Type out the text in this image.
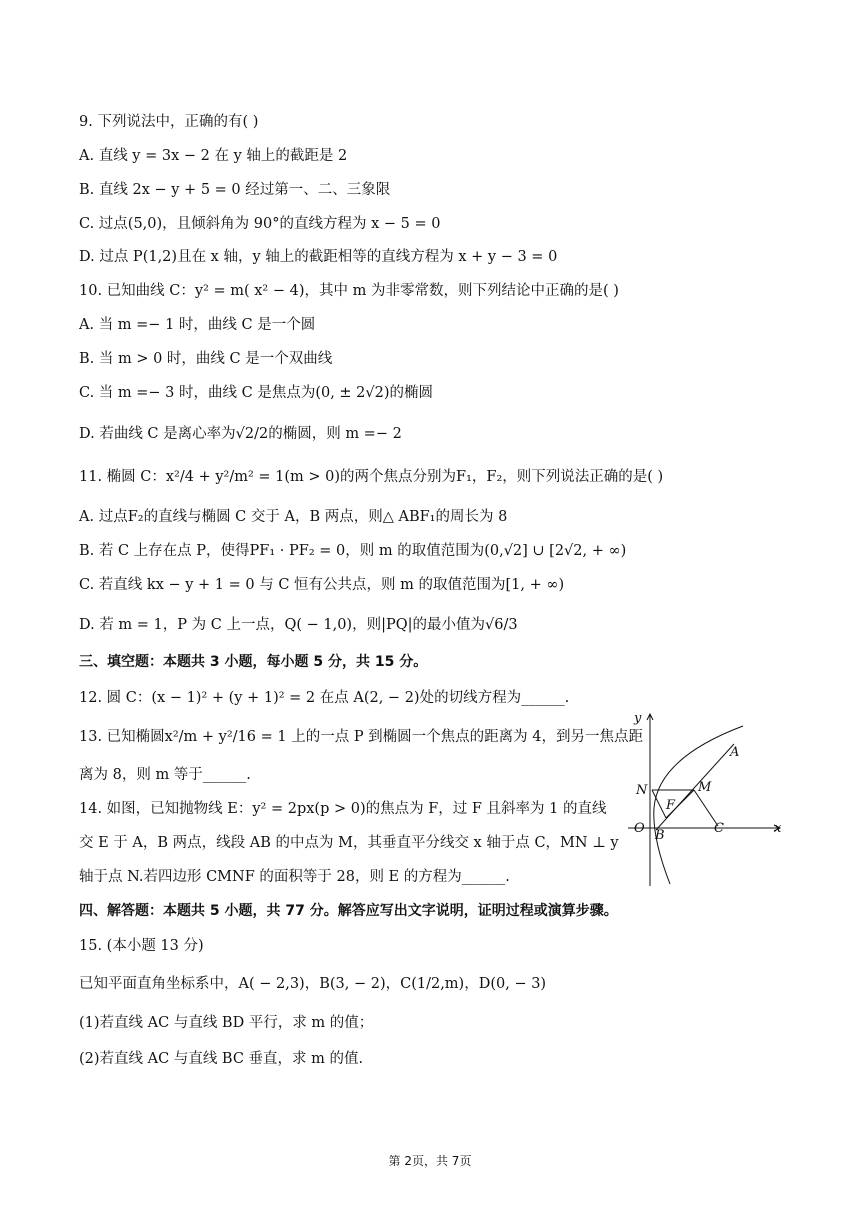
9. 下列说法中，正确的有( )
A. 直线 y = 3x − 2 在 y 轴上的截距是 2
B. 直线 2x − y + 5 = 0 经过第一、二、三象限
C. 过点(5,0)，且倾斜角为 90°的直线方程为 x − 5 = 0
D. 过点 P(1,2)且在 x 轴，y 轴上的截距相等的直线方程为 x + y − 3 = 0
10. 已知曲线 C：y² = m( x² − 4)，其中 m 为非零常数，则下列结论中正确的是( )
A. 当 m =− 1 时，曲线 C 是一个圆
B. 当 m > 0 时，曲线 C 是一个双曲线
C. 当 m =− 3 时，曲线 C 是焦点为(0, ± 2√2)的椭圆
D. 若曲线 C 是离心率为√2/2的椭圆，则 m =− 2
11. 椭圆 C：x²/4 + y²/m² = 1(m > 0)的两个焦点分别为F₁，F₂，则下列说法正确的是( )
A. 过点F₂的直线与椭圆 C 交于 A，B 两点，则△ ABF₁的周长为 8
B. 若 C 上存在点 P，使得PF₁ · PF₂ = 0，则 m 的取值范围为(0,√2] ∪ [2√2, + ∞)
C. 若直线 kx − y + 1 = 0 与 C 恒有公共点，则 m 的取值范围为[1, + ∞)
D. 若 m = 1，P 为 C 上一点，Q( − 1,0)，则|PQ|的最小值为√6/3
三、填空题：本题共 3 小题，每小题 5 分，共 15 分。
12. 圆 C：(x − 1)² + (y + 1)² = 2 在点 A(2, − 2)处的切线方程为______.
13. 已知椭圆x²/m + y²/16 = 1 上的一点 P 到椭圆一个焦点的距离为 4，到另一焦点距
离为 8，则 m 等于______.
14. 如图，已知抛物线 E：y² = 2px(p > 0)的焦点为 F，过 F 且斜率为 1 的直线
交 E 于 A，B 两点，线段 AB 的中点为 M，其垂直平分线交 x 轴于点 C，MN ⊥ y
轴于点 N.若四边形 CMNF 的面积等于 28，则 E 的方程为______.
四、解答题：本题共 5 小题，共 77 分。解答应写出文字说明，证明过程或演算步骤。
15. (本小题 13 分)
已知平面直角坐标系中，A( − 2,3)，B(3, − 2)，C(1/2,m)，D(0, − 3)
(1)若直线 AC 与直线 BD 平行，求 m 的值；
(2)若直线 AC 与直线 BC 垂直，求 m 的值.
y
x
A
N	M
F
O B	C
第 2页，共 7页
